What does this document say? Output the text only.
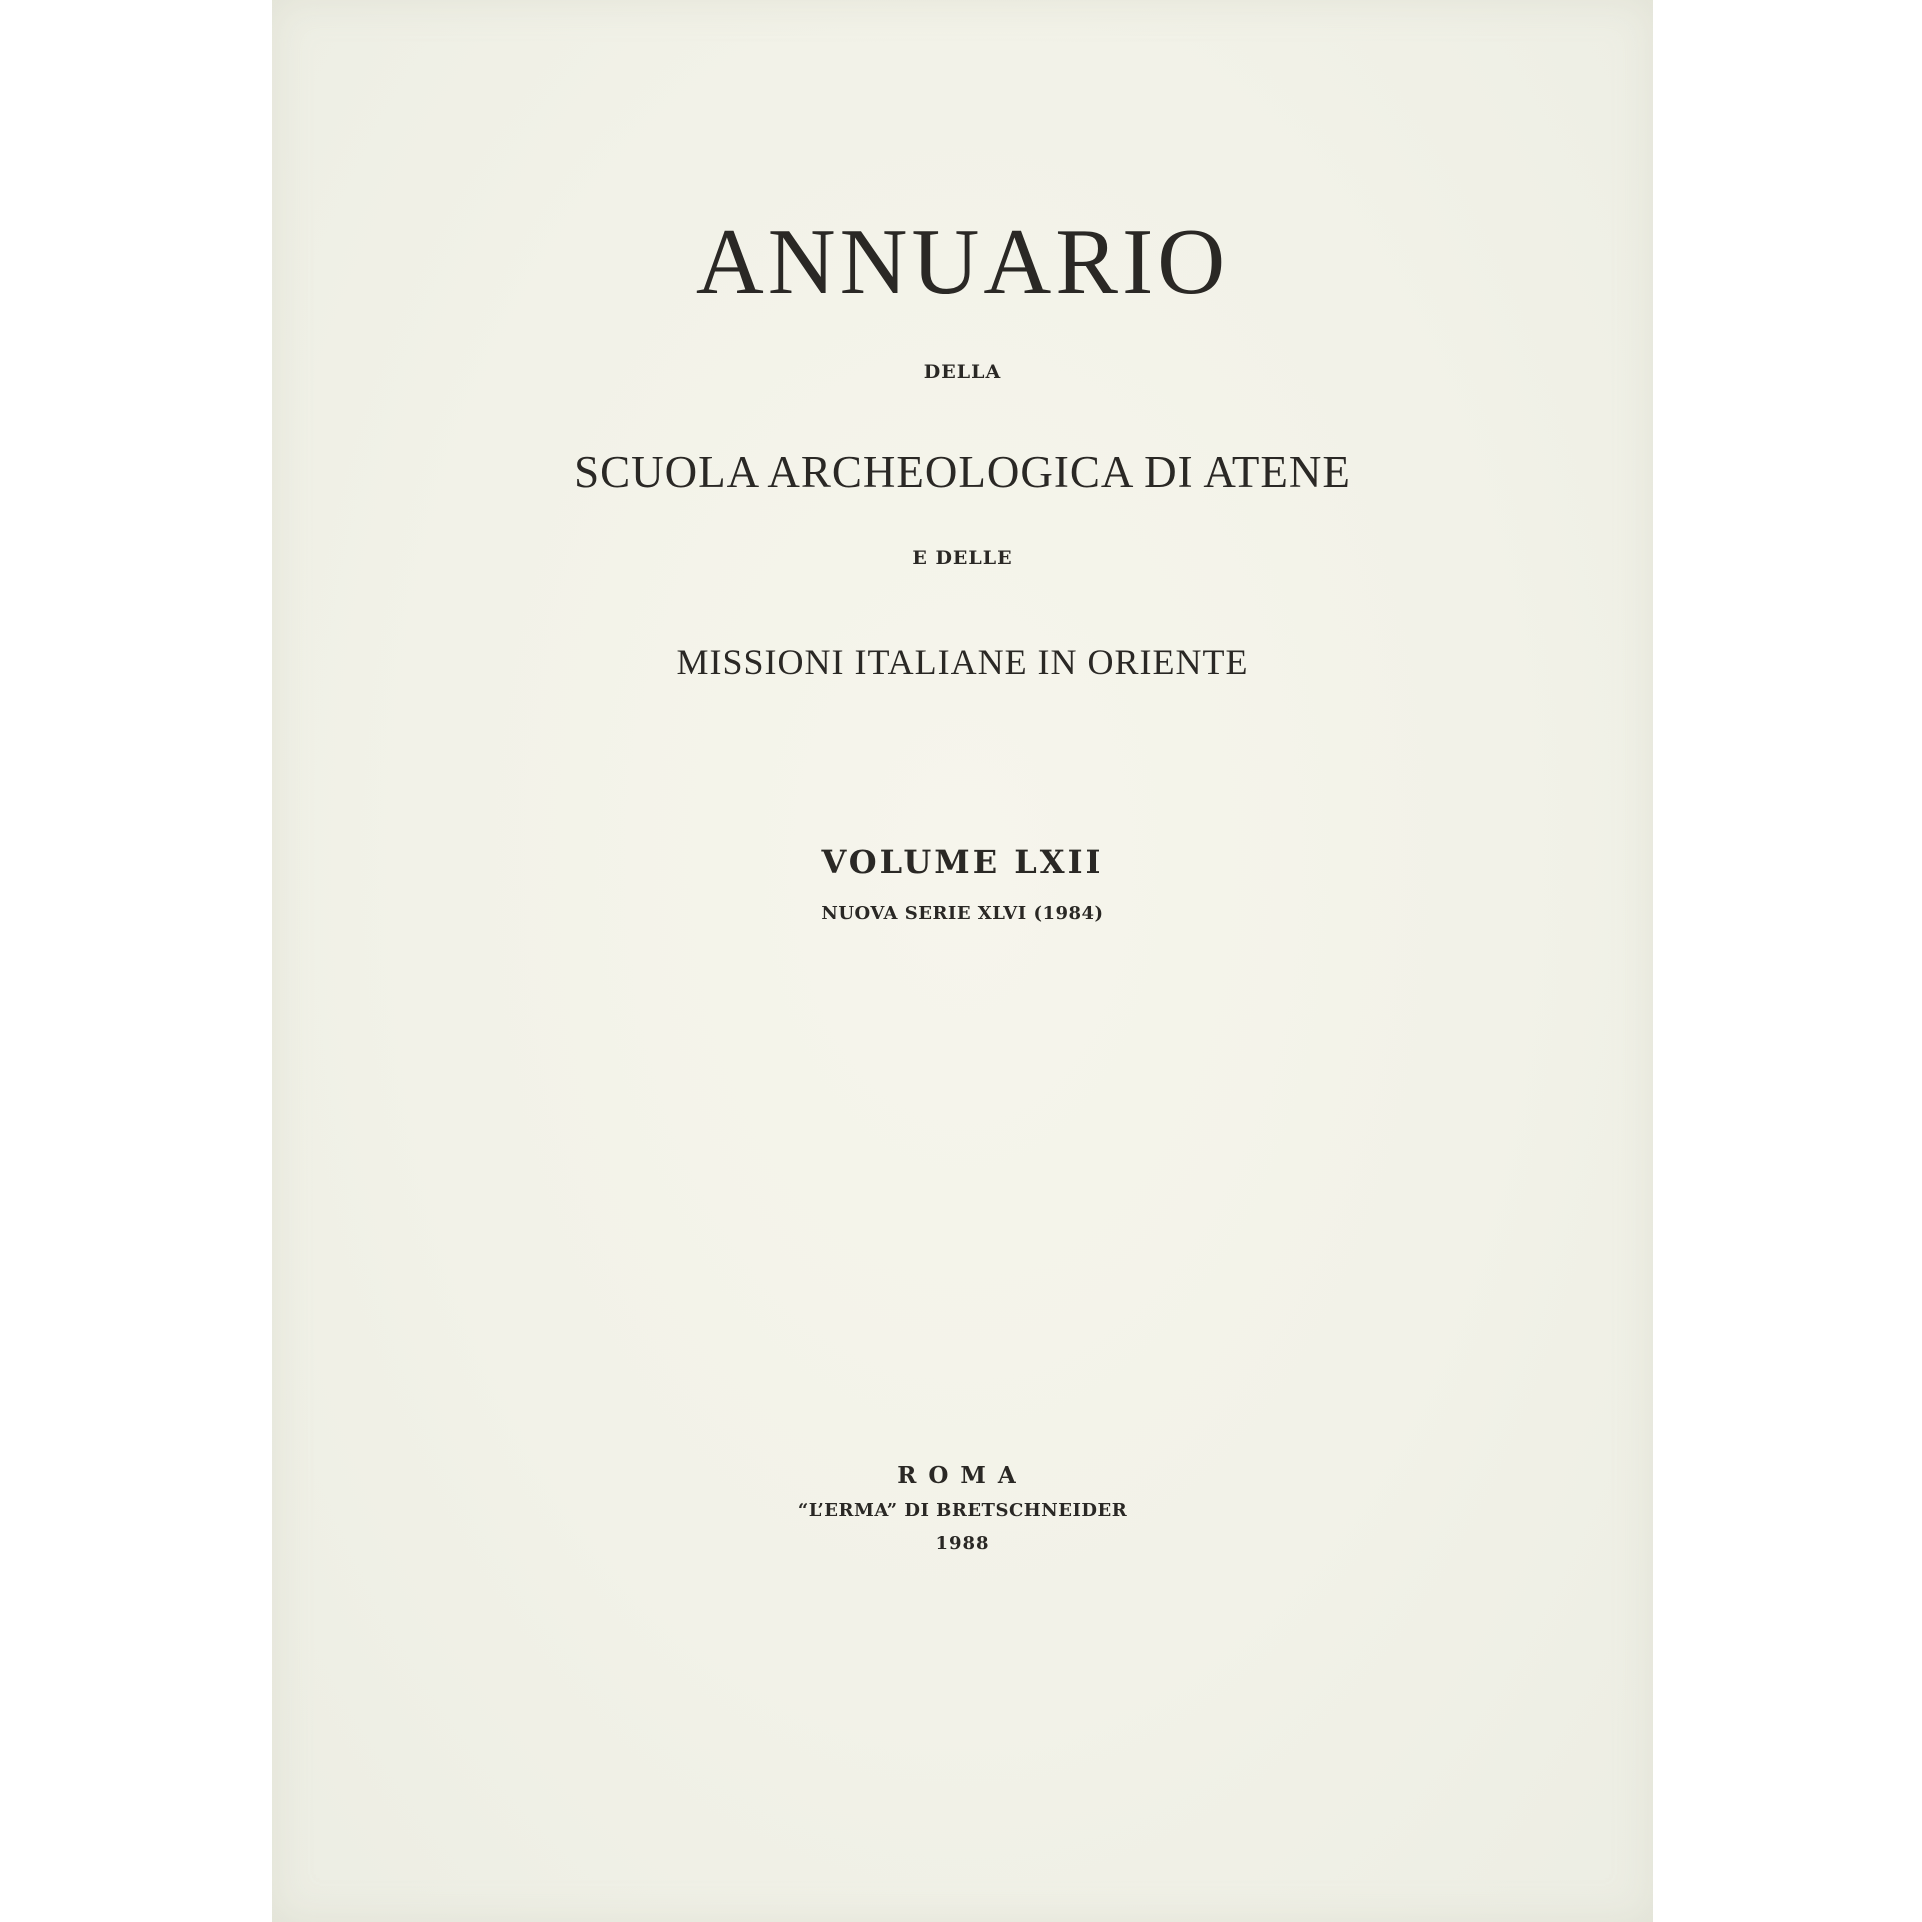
ANNUARIO
DELLA
SCUOLA ARCHEOLOGICA DI ATENE
E DELLE
MISSIONI ITALIANE IN ORIENTE
VOLUME LXII
NUOVA SERIE XLVI (1984)
ROMA
“L’ERMA” DI BRETSCHNEIDER
1988
